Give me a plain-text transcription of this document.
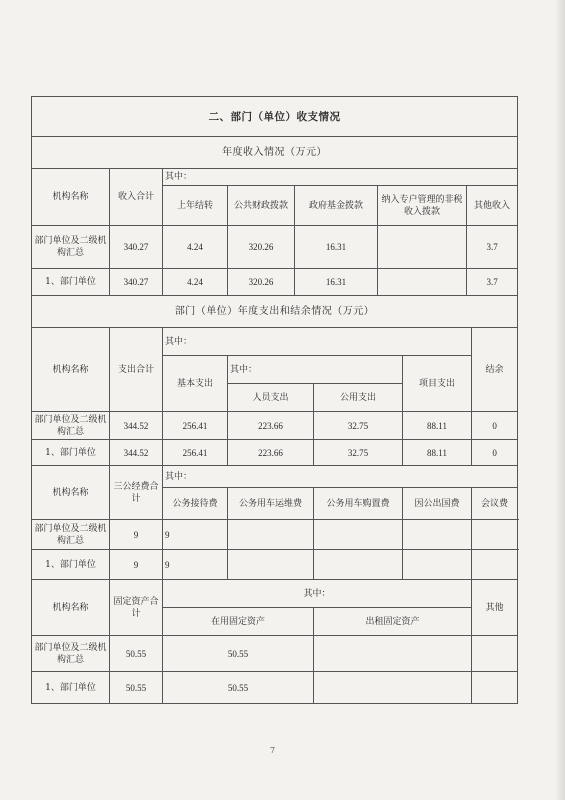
二、部门（单位）收支情况									
年度收入情况（万元）									
机构名称	收入合计	其中：							
		上年结转	公共财政拨款	政府基金拨款		纳入专户管理的非税收入拨款		其他收入	
部门单位及二级机构汇总	340.27	4.24	320.26	16.31				3.7	
1、部门单位	340.27	4.24	320.26	16.31				3.7	
部门（单位）年度支出和结余情况（万元）									
机构名称	支出合计	其中：							结余
		基本支出	其中：				项目支出		
			人员支出		公用支出				
部门单位及二级机构汇总	344.52	256.41	223.66		32.75		88.11		0
1、部门单位	344.52	256.41	223.66		32.75		88.11		0
机构名称	三公经费合计	其中：							
		公务接待费	公务用车运维费		公务用车购置费		因公出国费		会议费
部门单位及二级机构汇总	9	9							
1、部门单位	9	9							
机构名称	固定资产合计	其中：							其他
		在用固定资产			出租固定资产				
部门单位及二级机构汇总	50.55	50.55							
1、部门单位	50.55	50.55							
7
